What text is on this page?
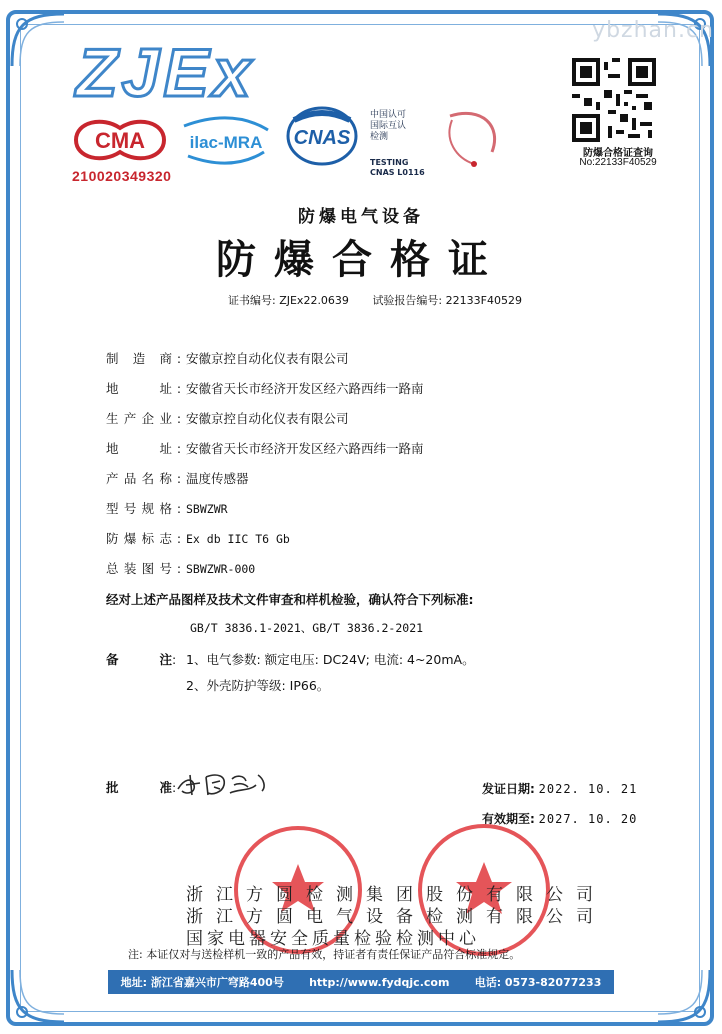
ybzhan.cn
ZJEx
CMA	ilac-MRA CNAS
210020349320
中国认可
国际互认
检测
TESTING
CNAS L0116
防爆合格证查询
No:22133F40529
防爆电气设备
防爆合格证
证书编号: ZJEx22.0639 试验报告编号: 22133F40529
制造商 : 安徽京控自动化仪表有限公司
地址 : 安徽省天长市经济开发区经六路西纬一路南
生产企业 : 安徽京控自动化仪表有限公司
地址 : 安徽省天长市经济开发区经六路西纬一路南
产品名称 : 温度传感器
型号规格 : SBWZWR
防爆标志 : Ex db IIC T6 Gb
总装图号 : SBWZWR-000
经对上述产品图样及技术文件审查和样机检验，确认符合下列标准:
GB/T 3836.1-2021、GB/T 3836.2-2021
备注: 1、电气参数: 额定电压: DC24V; 电流: 4~20mA。
2、外壳防护等级: IP66。
批准:	发证日期: 2022. 10. 21
有效期至: 2027. 10. 20
浙江方圆检测集团股份有限公司
浙江方圆电气设备检测有限公司
国家电器安全质量检验检测中心
注: 本证仅对与送检样机一致的产品有效，持证者有责任保证产品符合标准规定。
地址: 浙江省嘉兴市广穹路400号 http://www.fydqjc.com 电话: 0573-82077233
